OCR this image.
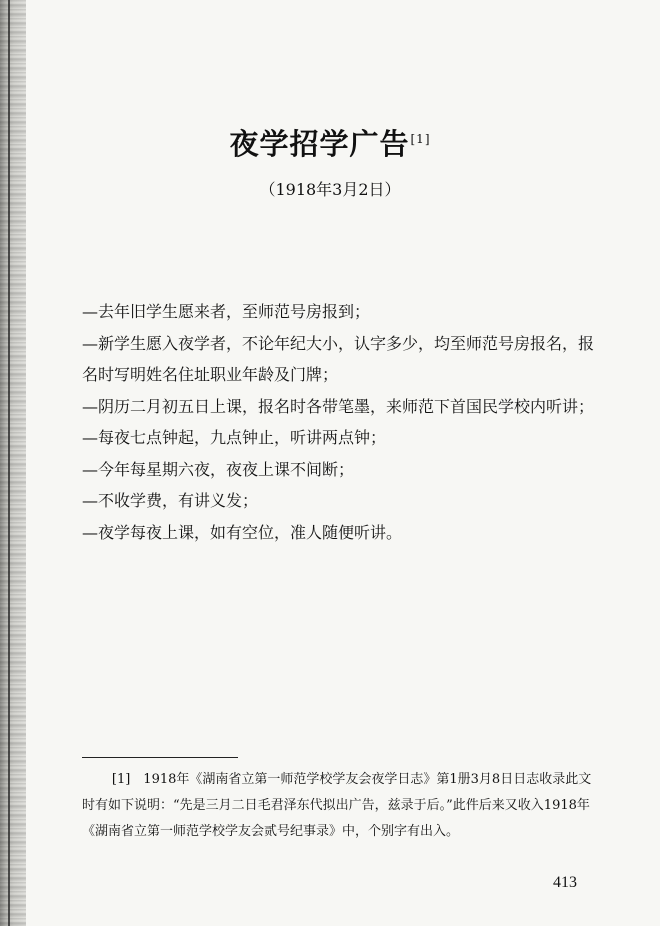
夜学招学广告[1]
（1918年3月2日）

—去年旧学生愿来者，至师范号房报到；

—新学生愿入夜学者，不论年纪大小，认字多少，均至师范号房报名，报名时写明姓名住址职业年龄及门牌；

—阴历二月初五日上课，报名时各带笔墨，来师范下首国民学校内听讲；

—每夜七点钟起，九点钟止，听讲两点钟；

—今年每星期六夜，夜夜上课不间断；

—不收学费，有讲义发；

—夜学每夜上课，如有空位，准人随便听讲。

[1]　1918年《湖南省立第一师范学校学友会夜学日志》第1册3月8日日志收录此文时有如下说明：“先是三月二日毛君泽东代拟出广告，兹录于后。”此件后来又收入1918年《湖南省立第一师范学校学友会贰号纪事录》中，个别字有出入。
413
